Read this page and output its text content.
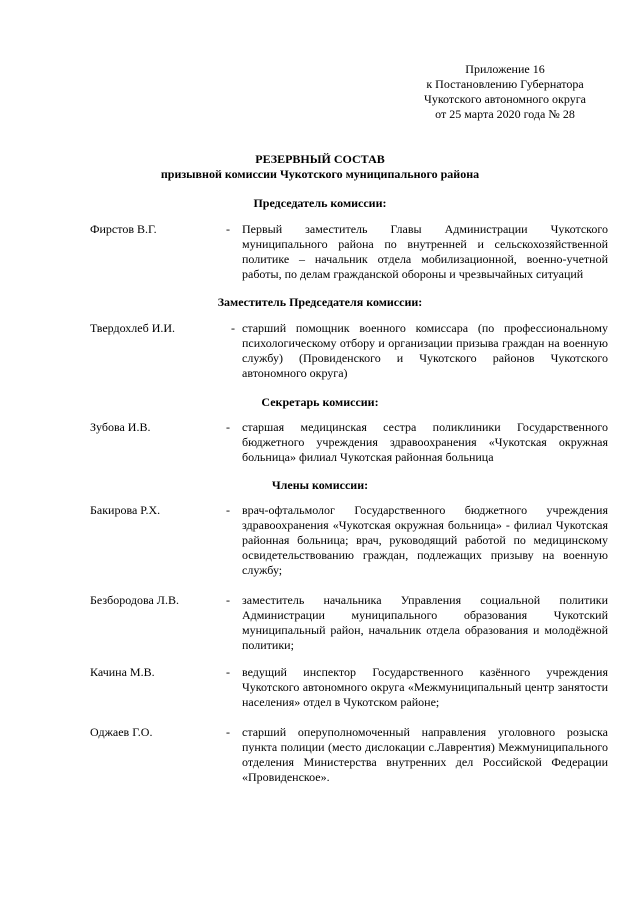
Приложение 16
к Постановлению Губернатора
Чукотского автономного округа
от 25 марта 2020 года № 28
РЕЗЕРВНЫЙ СОСТАВ
призывной комиссии Чукотского муниципального района
Председатель комиссии:
Фирстов В.Г.	- Первый заместитель Главы Администрации Чукотского муниципального района по внутренней и сельскохозяйственной политике – начальник отдела мобилизационной, военно-учетной работы, по делам гражданской обороны и чрезвычайных ситуаций
Заместитель Председателя комиссии:
Твердохлеб И.И.	- старший помощник военного комиссара (по профессиональному психологическому отбору и организации призыва граждан на военную службу) (Провиденского и Чукотского районов Чукотского автономного округа)
Секретарь комиссии:
Зубова И.В.	- старшая медицинская сестра поликлиники Государственного бюджетного учреждения здравоохранения «Чукотская окружная больница» филиал Чукотская районная больница
Члены комиссии:
Бакирова Р.Х.	- врач-офтальмолог Государственного бюджетного учреждения здравоохранения «Чукотская окружная больница» - филиал Чукотская районная больница; врач, руководящий работой по медицинскому освидетельствованию граждан, подлежащих призыву на военную службу;
Безбородова Л.В.	- заместитель начальника Управления социальной политики Администрации муниципального образования Чукотский муниципальный район, начальник отдела образования и молодёжной политики;
Качина М.В.	- ведущий инспектор Государственного казённого учреждения Чукотского автономного округа «Межмуниципальный центр занятости населения» отдел в Чукотском районе;
Оджаев Г.О.	- старший оперуполномоченный направления уголовного розыска пункта полиции (место дислокации с.Лаврентия) Межмуниципального отделения Министерства внутренних дел Российской Федерации «Провиденское».
